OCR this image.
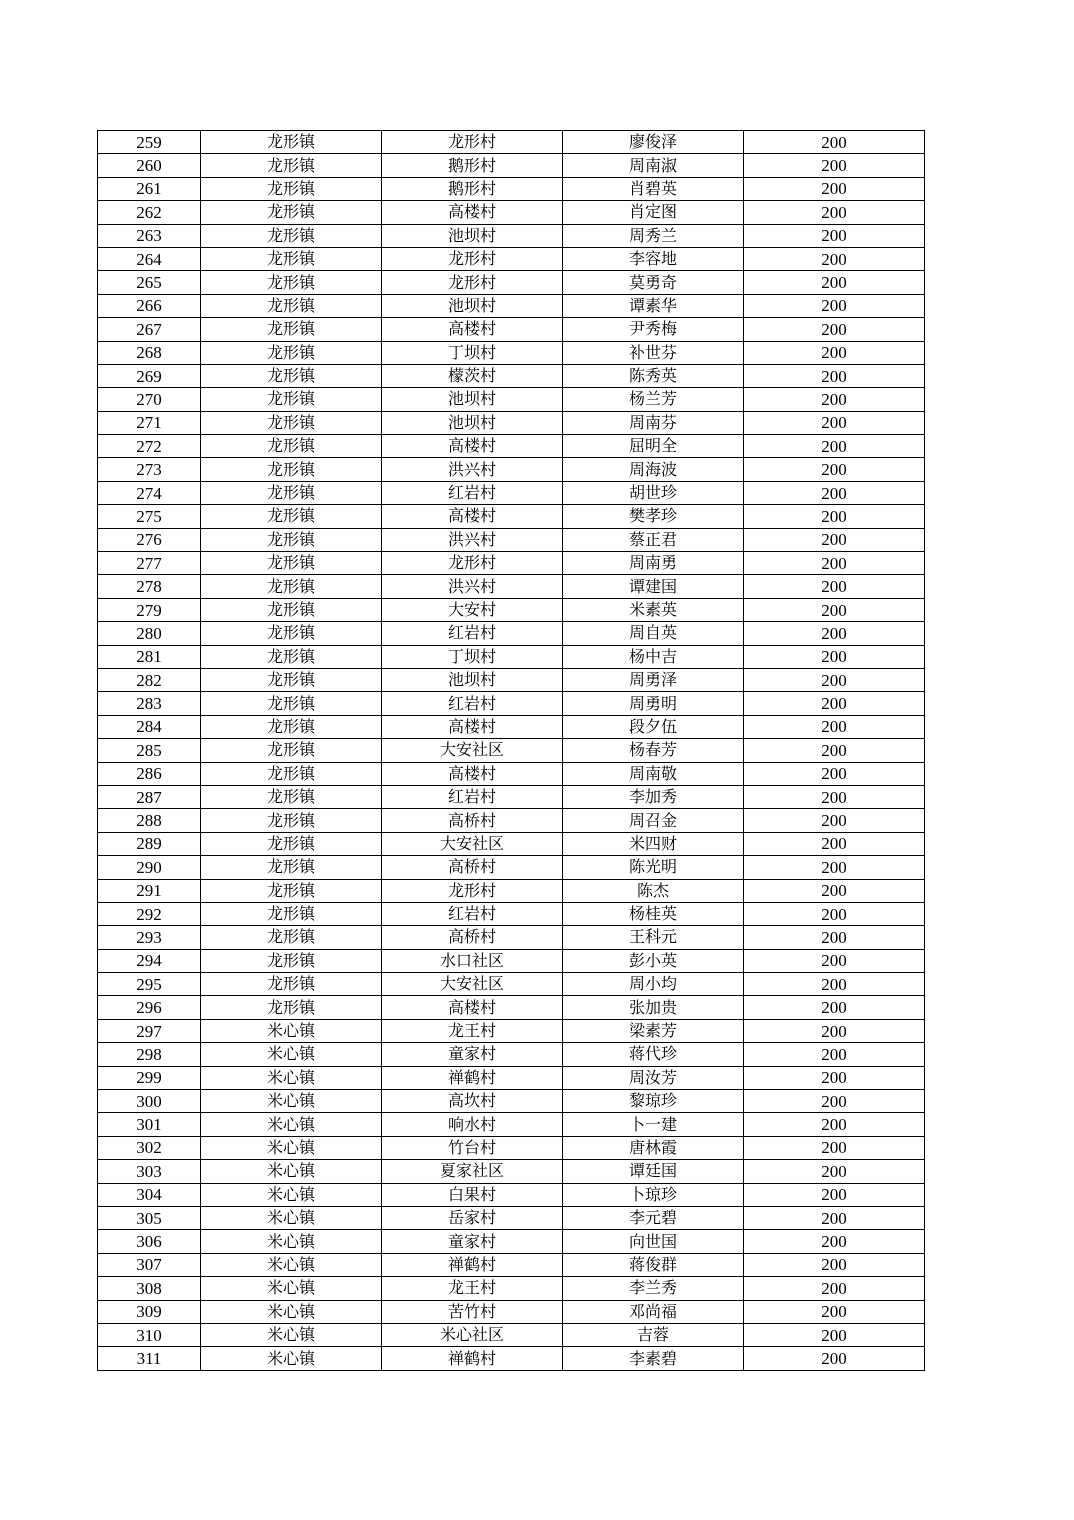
259	龙形镇	龙形村	廖俊泽	200
260	龙形镇	鹅形村	周南淑	200
261	龙形镇	鹅形村	肖碧英	200
262	龙形镇	高楼村	肖定图	200
263	龙形镇	池坝村	周秀兰	200
264	龙形镇	龙形村	李容地	200
265	龙形镇	龙形村	莫勇奇	200
266	龙形镇	池坝村	谭素华	200
267	龙形镇	高楼村	尹秀梅	200
268	龙形镇	丁坝村	补世芬	200
269	龙形镇	檬茨村	陈秀英	200
270	龙形镇	池坝村	杨兰芳	200
271	龙形镇	池坝村	周南芬	200
272	龙形镇	高楼村	屈明全	200
273	龙形镇	洪兴村	周海波	200
274	龙形镇	红岩村	胡世珍	200
275	龙形镇	高楼村	樊孝珍	200
276	龙形镇	洪兴村	蔡正君	200
277	龙形镇	龙形村	周南勇	200
278	龙形镇	洪兴村	谭建国	200
279	龙形镇	大安村	米素英	200
280	龙形镇	红岩村	周自英	200
281	龙形镇	丁坝村	杨中吉	200
282	龙形镇	池坝村	周勇泽	200
283	龙形镇	红岩村	周勇明	200
284	龙形镇	高楼村	段夕伍	200
285	龙形镇	大安社区	杨春芳	200
286	龙形镇	高楼村	周南敬	200
287	龙形镇	红岩村	李加秀	200
288	龙形镇	高桥村	周召金	200
289	龙形镇	大安社区	米四财	200
290	龙形镇	高桥村	陈光明	200
291	龙形镇	龙形村	陈杰	200
292	龙形镇	红岩村	杨桂英	200
293	龙形镇	高桥村	王科元	200
294	龙形镇	水口社区	彭小英	200
295	龙形镇	大安社区	周小均	200
296	龙形镇	高楼村	张加贵	200
297	米心镇	龙王村	梁素芳	200
298	米心镇	童家村	蒋代珍	200
299	米心镇	禅鹤村	周汝芳	200
300	米心镇	高坎村	黎琼珍	200
301	米心镇	响水村	卜一建	200
302	米心镇	竹台村	唐林霞	200
303	米心镇	夏家社区	谭廷国	200
304	米心镇	白果村	卜琼珍	200
305	米心镇	岳家村	李元碧	200
306	米心镇	童家村	向世国	200
307	米心镇	禅鹤村	蒋俊群	200
308	米心镇	龙王村	李兰秀	200
309	米心镇	苦竹村	邓尚福	200
310	米心镇	米心社区	吉蓉	200
311	米心镇	禅鹤村	李素碧	200
